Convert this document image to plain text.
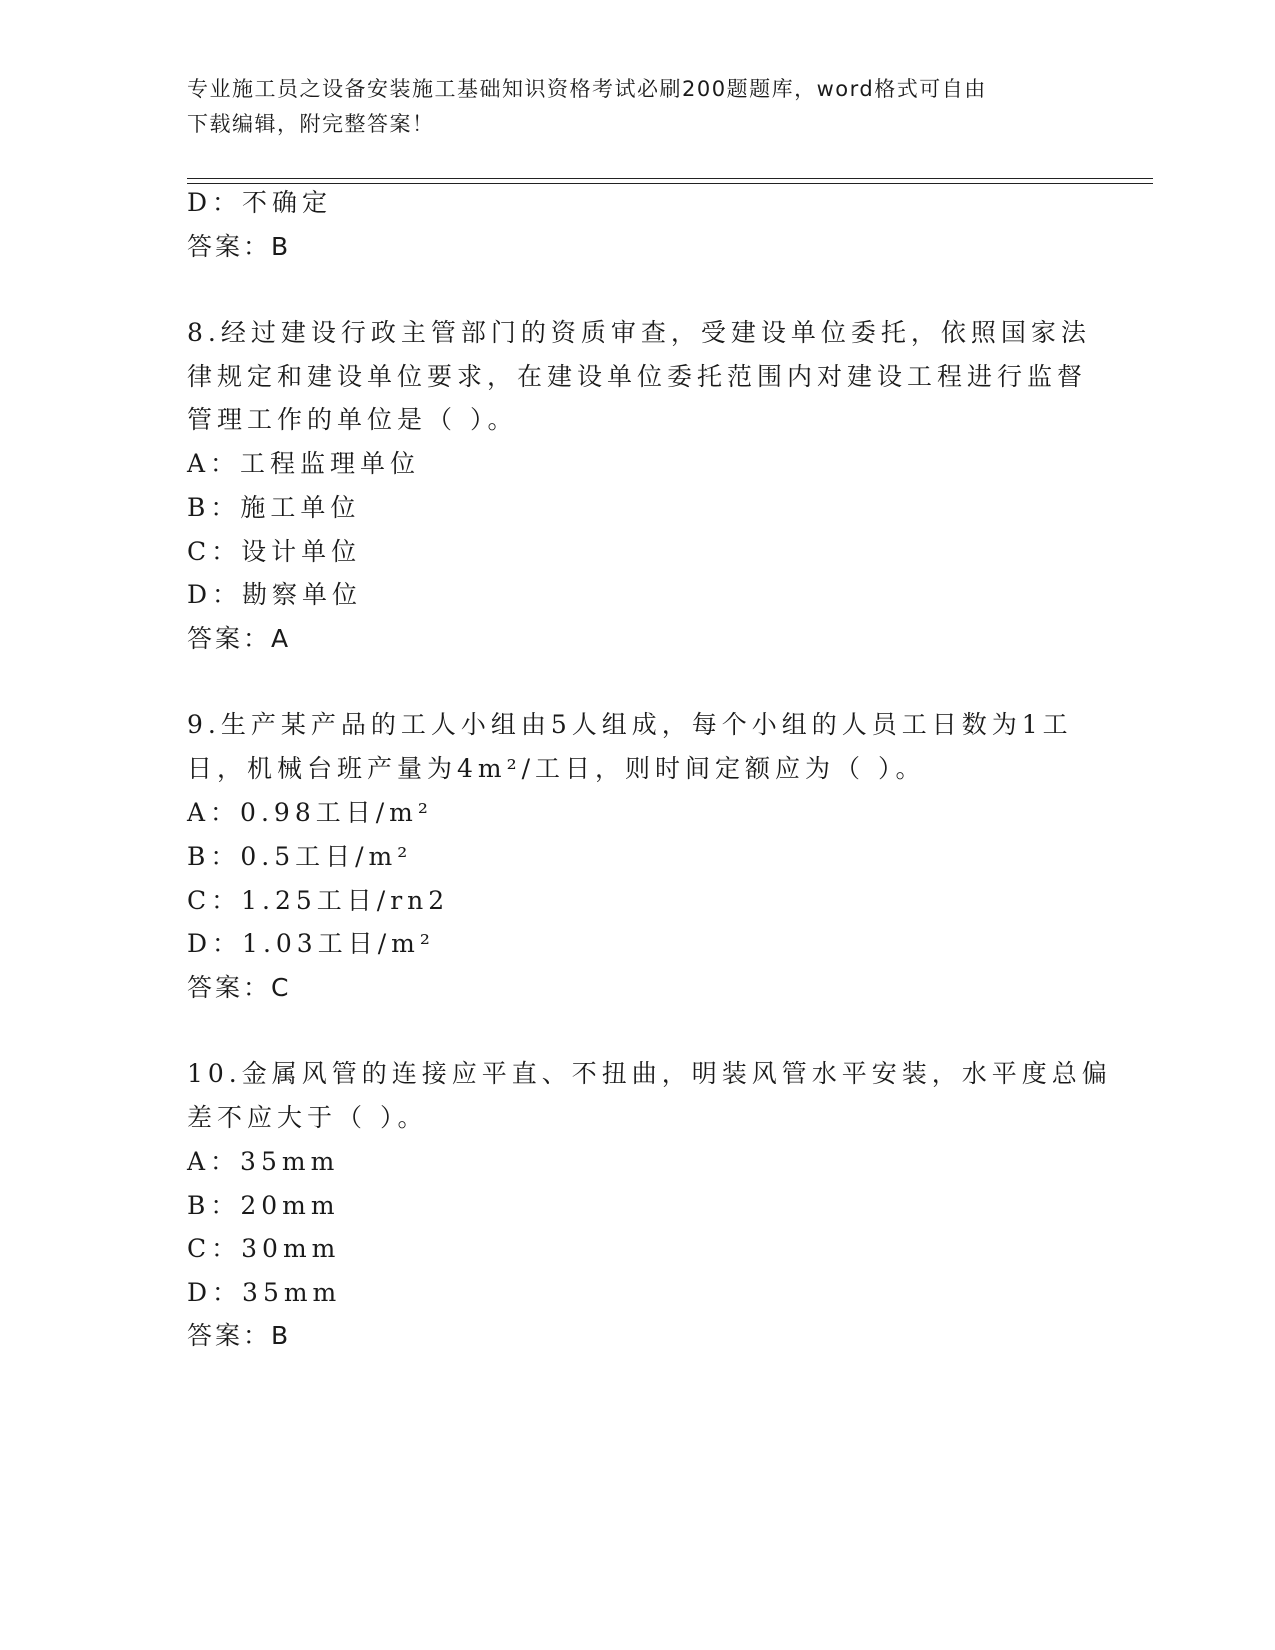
专业施工员之设备安装施工基础知识资格考试必刷200题题库，word格式可自由
下载编辑，附完整答案！
D：不确定
答案：B
8.经过建设行政主管部门的资质审查，受建设单位委托，依照国家法
律规定和建设单位要求，在建设单位委托范围内对建设工程进行监督
管理工作的单位是（ ）。
A：工程监理单位
B：施工单位
C：设计单位
D：勘察单位
答案：A
9.生产某产品的工人小组由5人组成，每个小组的人员工日数为1工
日，机械台班产量为4m²/工日，则时间定额应为（ ）。
A：0.98工日/m²
B：0.5工日/m²
C：1.25工日/rn2
D：1.03工日/m²
答案：C
10.金属风管的连接应平直、不扭曲，明装风管水平安装，水平度总偏
差不应大于（ ）。
A：35mm
B：20mm
C：30mm
D：35mm
答案：B
